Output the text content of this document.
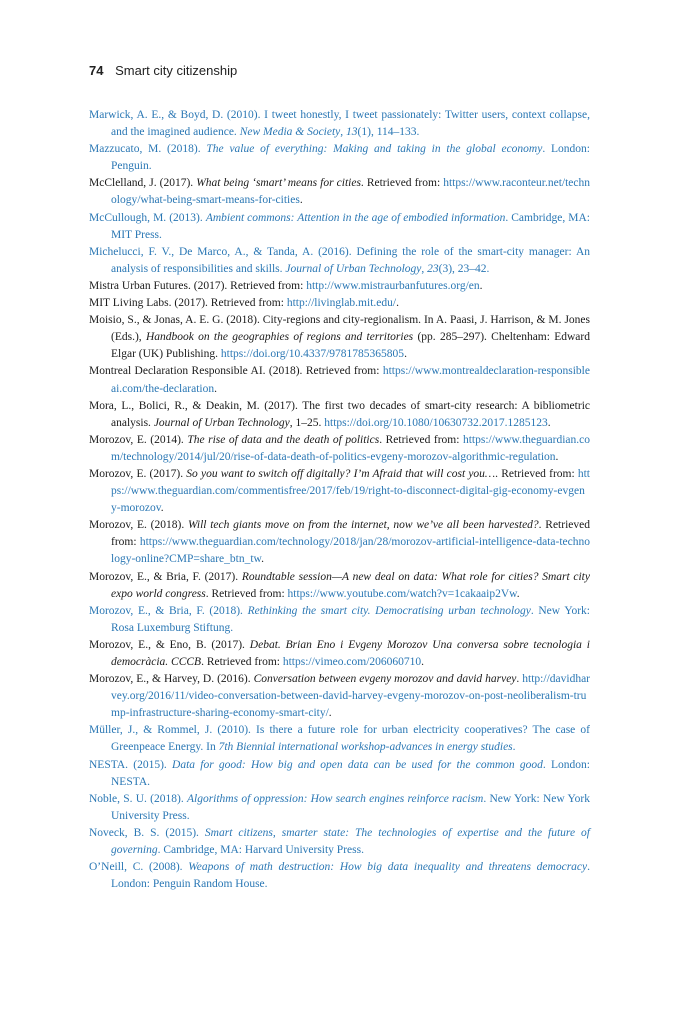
74 Smart city citizenship

Marwick, A. E., & Boyd, D. (2010). I tweet honestly, I tweet passionately: Twitter users, context collapse, and the imagined audience. New Media & Society, 13(1), 114–133.

Mazzucato, M. (2018). The value of everything: Making and taking in the global economy. London: Penguin.

McClelland, J. (2017). What being ‘smart’ means for cities. Retrieved from: https://www.raconteur.net/technology/what-being-smart-means-for-cities.

McCullough, M. (2013). Ambient commons: Attention in the age of embodied information. Cambridge, MA: MIT Press.

Michelucci, F. V., De Marco, A., & Tanda, A. (2016). Defining the role of the smart-city manager: An analysis of responsibilities and skills. Journal of Urban Technology, 23(3), 23–42.

Mistra Urban Futures. (2017). Retrieved from: http://www.mistraurbanfutures.org/en.

MIT Living Labs. (2017). Retrieved from: http://livinglab.mit.edu/.

Moisio, S., & Jonas, A. E. G. (2018). City-regions and city-regionalism. In A. Paasi, J. Harrison, & M. Jones (Eds.), Handbook on the geographies of regions and territories (pp. 285–297). Cheltenham: Edward Elgar (UK) Publishing. https://doi.org/10.4337/9781785365805.

Montreal Declaration Responsible AI. (2018). Retrieved from: https://www.montrealdeclaration-responsibleai.com/the-declaration.

Mora, L., Bolici, R., & Deakin, M. (2017). The first two decades of smart-city research: A bibliometric analysis. Journal of Urban Technology, 1–25. https://doi.org/10.1080/10630732.2017.1285123.

Morozov, E. (2014). The rise of data and the death of politics. Retrieved from: https://www.theguardian.com/technology/2014/jul/20/rise-of-data-death-of-politics-evgeny-morozov-algorithmic-regulation.

Morozov, E. (2017). So you want to switch off digitally? I’m Afraid that will cost you…. Retrieved from: https://www.theguardian.com/commentisfree/2017/feb/19/right-to-disconnect-digital-gig-economy-evgeny-morozov.

Morozov, E. (2018). Will tech giants move on from the internet, now we’ve all been harvested?. Retrieved from: https://www.theguardian.com/technology/2018/jan/28/morozov-artificial-intelligence-data-technology-online?CMP=share_btn_tw.

Morozov, E., & Bria, F. (2017). Roundtable session—A new deal on data: What role for cities? Smart city expo world congress. Retrieved from: https://www.youtube.com/watch?v=1cakaaip2Vw.

Morozov, E., & Bria, F. (2018). Rethinking the smart city. Democratising urban technology. New York: Rosa Luxemburg Stiftung.

Morozov, E., & Eno, B. (2017). Debat. Brian Eno i Evgeny Morozov Una conversa sobre tecnologia i democràcia. CCCB. Retrieved from: https://vimeo.com/206060710.

Morozov, E., & Harvey, D. (2016). Conversation between evgeny morozov and david harvey. http://davidharvey.org/2016/11/video-conversation-between-david-harvey-evgeny-morozov-on-post-neoliberalism-trump-infrastructure-sharing-economy-smart-city/.

Müller, J., & Rommel, J. (2010). Is there a future role for urban electricity cooperatives? The case of Greenpeace Energy. In 7th Biennial international workshop-advances in energy studies.

NESTA. (2015). Data for good: How big and open data can be used for the common good. London: NESTA.

Noble, S. U. (2018). Algorithms of oppression: How search engines reinforce racism. New York: New York University Press.

Noveck, B. S. (2015). Smart citizens, smarter state: The technologies of expertise and the future of governing. Cambridge, MA: Harvard University Press.

O’Neill, C. (2008). Weapons of math destruction: How big data inequality and threatens democracy. London: Penguin Random House.
